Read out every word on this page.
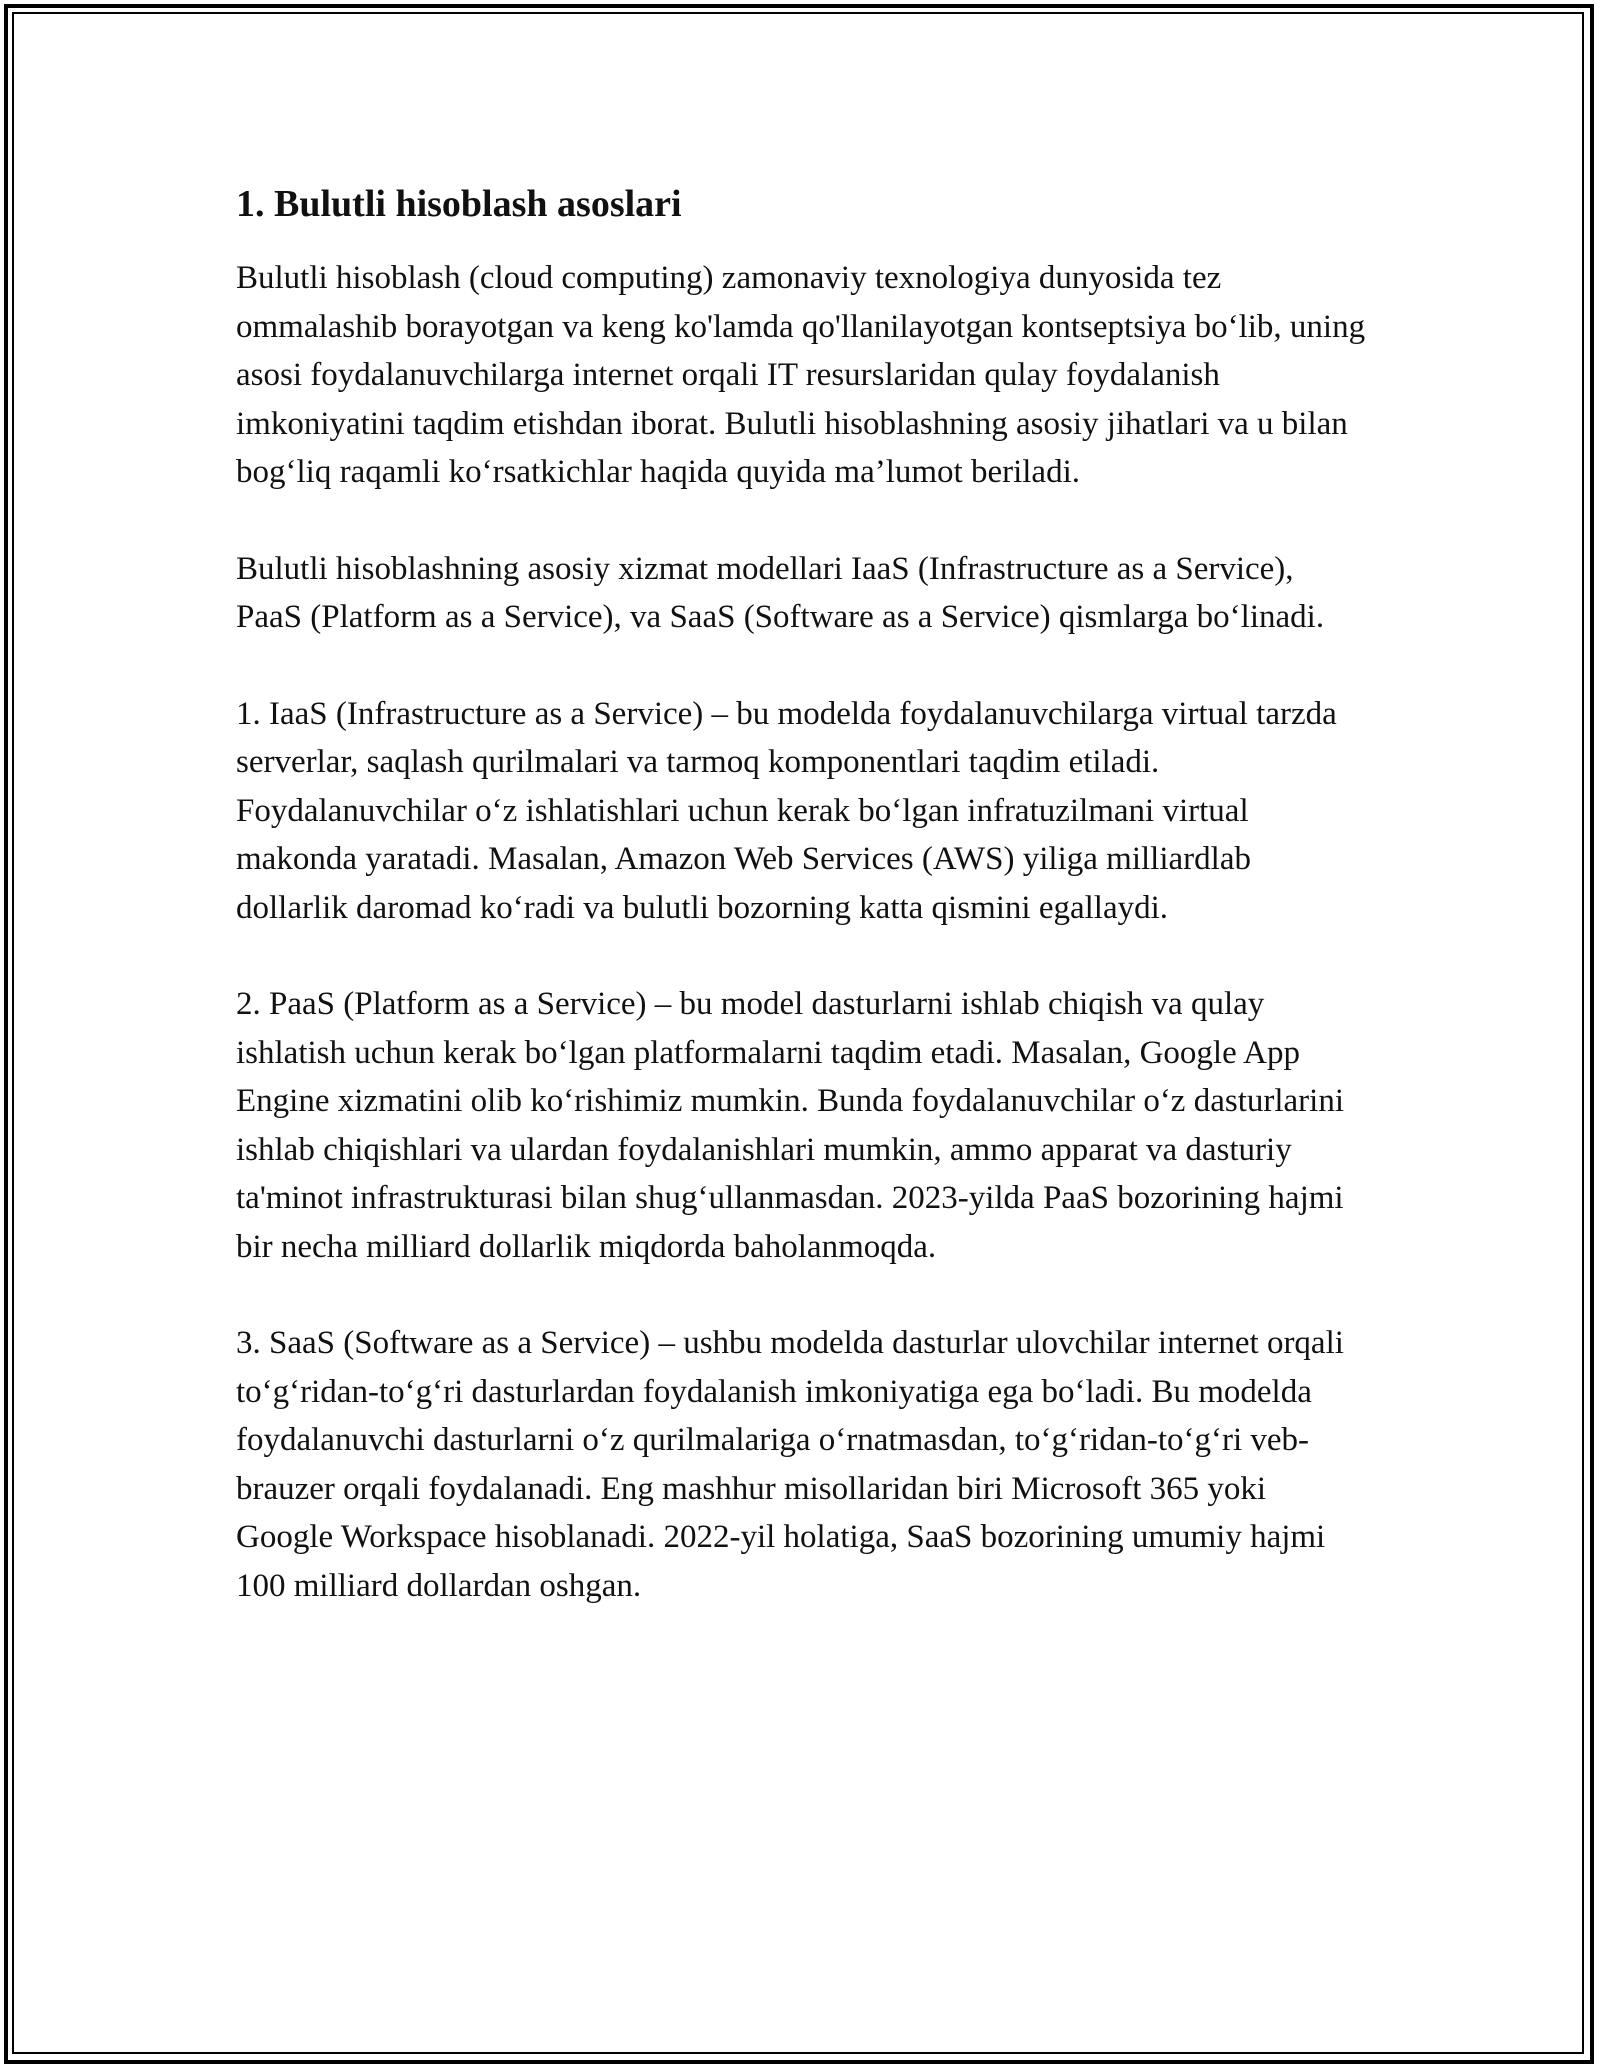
1. Bulutli hisoblash asoslari

Bulutli hisoblash (cloud computing) zamonaviy texnologiya dunyosida tez ommalashib borayotgan va keng ko'lamda qo'llanilayotgan kontseptsiya bo‘lib, uning asosi foydalanuvchilarga internet orqali IT resurslaridan qulay foydalanish imkoniyatini taqdim etishdan iborat. Bulutli hisoblashning asosiy jihatlari va u bilan bog‘liq raqamli ko‘rsatkichlar haqida quyida ma’lumot beriladi.

Bulutli hisoblashning asosiy xizmat modellari IaaS (Infrastructure as a Service), PaaS (Platform as a Service), va SaaS (Software as a Service) qismlarga bo‘linadi.

1. IaaS (Infrastructure as a Service) – bu modelda foydalanuvchilarga virtual tarzda serverlar, saqlash qurilmalari va tarmoq komponentlari taqdim etiladi. Foydalanuvchilar o‘z ishlatishlari uchun kerak bo‘lgan infratuzilmani virtual makonda yaratadi. Masalan, Amazon Web Services (AWS) yiliga milliardlab dollarlik daromad ko‘radi va bulutli bozorning katta qismini egallaydi.

2. PaaS (Platform as a Service) – bu model dasturlarni ishlab chiqish va qulay ishlatish uchun kerak bo‘lgan platformalarni taqdim etadi. Masalan, Google App Engine xizmatini olib ko‘rishimiz mumkin. Bunda foydalanuvchilar o‘z dasturlarini ishlab chiqishlari va ulardan foydalanishlari mumkin, ammo apparat va dasturiy ta'minot infrastrukturasi bilan shug‘ullanmasdan. 2023-yilda PaaS bozorining hajmi bir necha milliard dollarlik miqdorda baholanmoqda.

3. SaaS (Software as a Service) – ushbu modelda dasturlar ulovchilar internet orqali to‘g‘ridan-to‘g‘ri dasturlardan foydalanish imkoniyatiga ega bo‘ladi. Bu modelda foydalanuvchi dasturlarni o‘z qurilmalariga o‘rnatmasdan, to‘g‘ridan-to‘g‘ri veb-brauzer orqali foydalanadi. Eng mashhur misollaridan biri Microsoft 365 yoki Google Workspace hisoblanadi. 2022-yil holatiga, SaaS bozorining umumiy hajmi 100 milliard dollardan oshgan.
